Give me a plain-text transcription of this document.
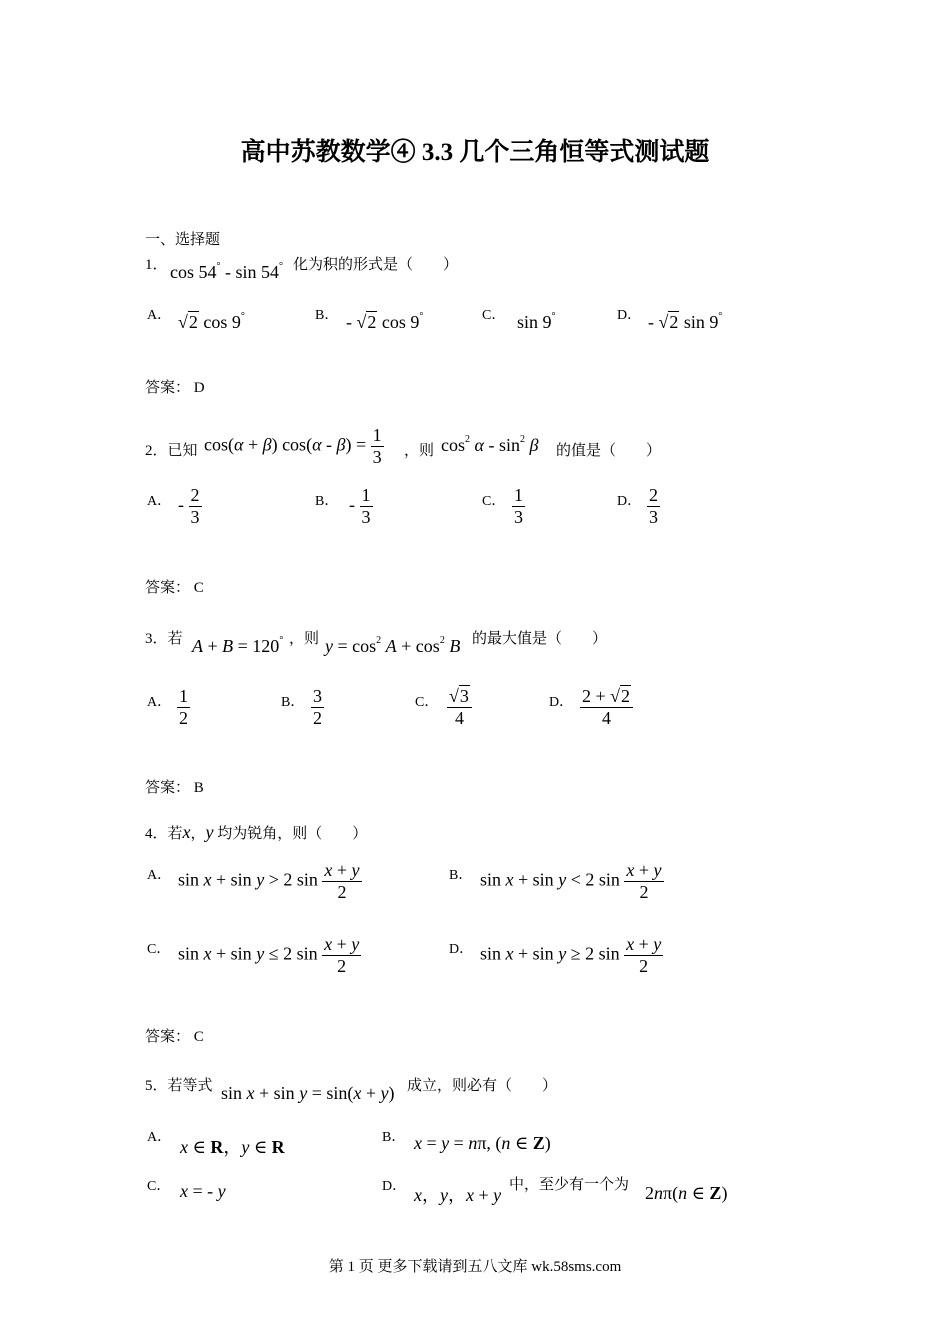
高中苏教数学④ 3.3 几个三角恒等式测试题
一、选择题
1． cos 54° - sin 54° 化为积的形式是（　　）
A． √2 cos 9°	B． - √2 cos 9°	C． sin 9°	D． - √2 sin 9°
答案： D
2．已知 cos(α + β) $\cos(\alpha - \beta) = \frac{1}{3}$ ，则 $\cos^2 \alpha - \sin^2 \beta$ 的值是（　　）
A． - $\frac{2}{3}$	B． - $\frac{1}{3}$	C． $\frac{1}{3}$	D． $\frac{2}{3}$
答案： C
3．若 A + B = 120° ，则 $y = \cos^2 A + \cos^2 B$ 的最大值是（　　）
A． $\frac{1}{2}$	B． $\frac{3}{2}$	C． $\frac{√3}{4}$	D． $\frac{2 + √2}{4}$
答案： B
4．若x，y 均为锐角，则（　　）
A． sin x + sin y > 2 $\sin \frac{x + y}{2}$	B． sin x + sin y < 2 $\sin \frac{x + y}{2}$
C． sin x + sin y ≤ 2 $\sin \frac{x + y}{2}$	D． sin x + sin y ≥ 2 $\sin \frac{x + y}{2}$
答案： C
5．若等式 sin x + sin y = sin(x + y) 成立，则必有（　　）
A． x ∈ R，y ∈ R	B． x = y = nπ, (n ∈ Z)
C． x = - y	D． x，y，x + y 中，至少有一个为 2nπ(n ∈ Z)
第 1 页 更多下载请到五八文库 wk.58sms.com
